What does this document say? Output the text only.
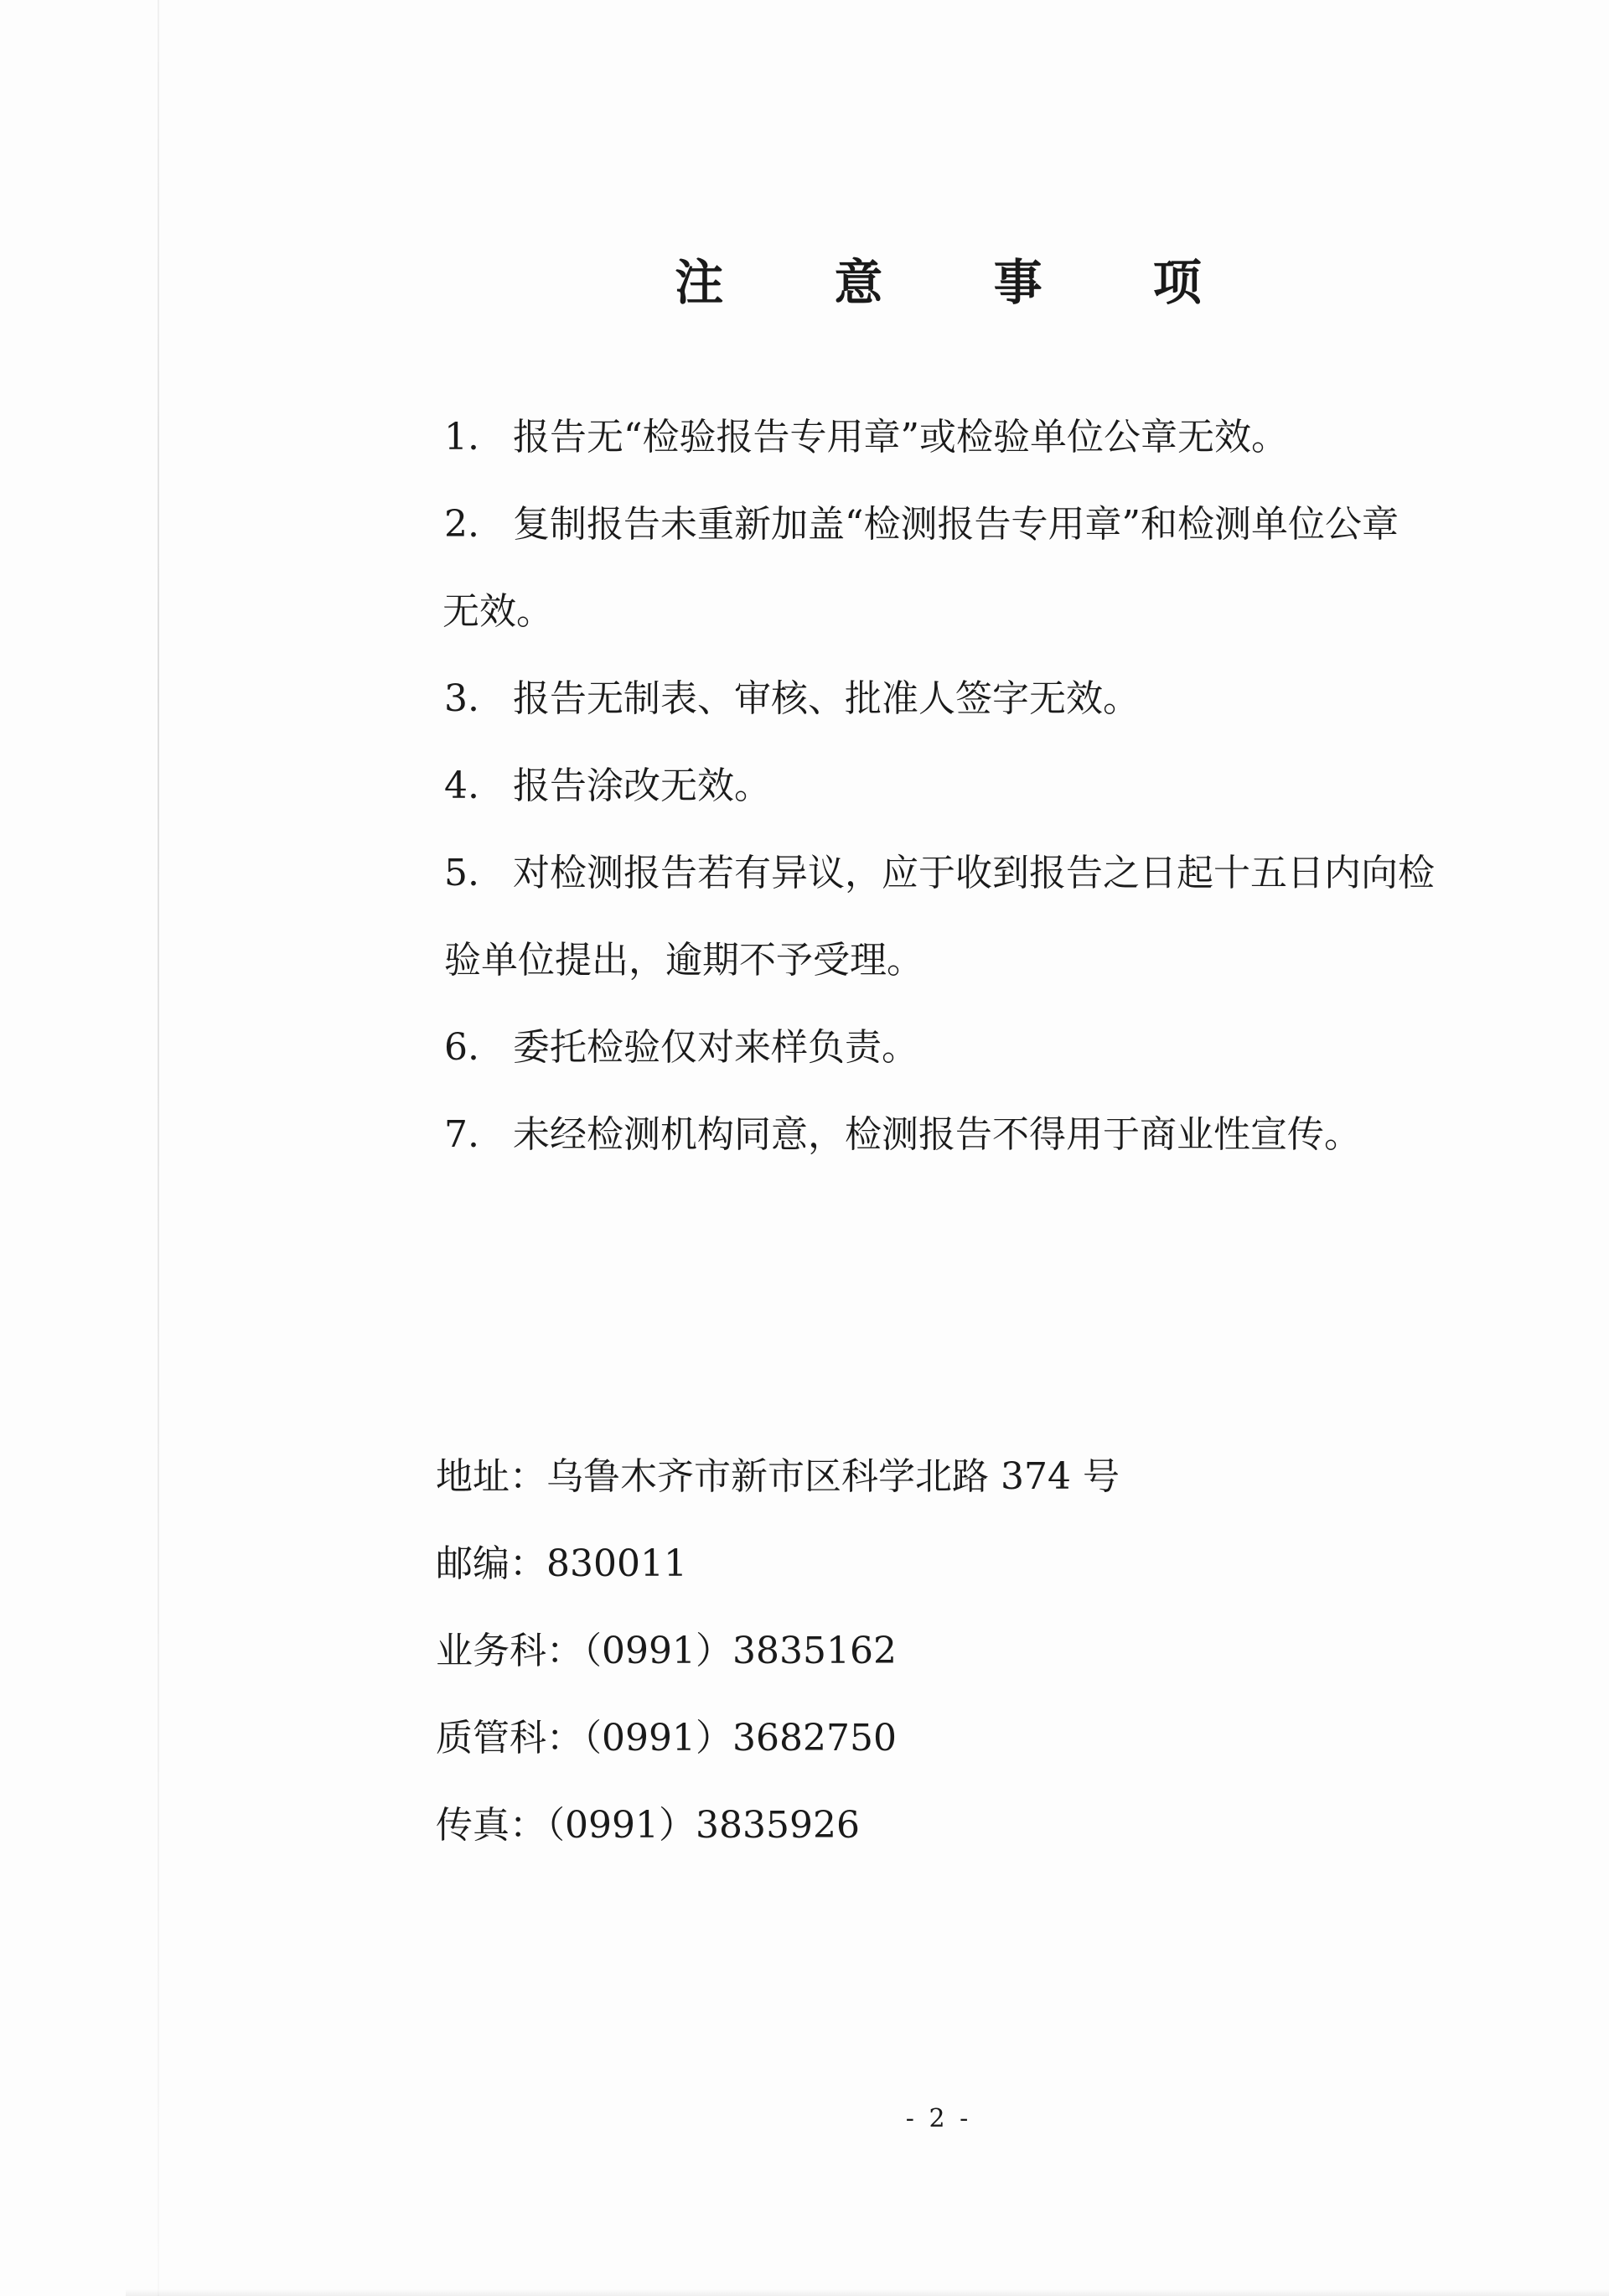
注 意 事 项
1. 报告无“检验报告专用章”或检验单位公章无效。
2. 复制报告未重新加盖“检测报告专用章”和检测单位公章
无效。
3. 报告无制表、审核、批准人签字无效。
4. 报告涂改无效。
5. 对检测报告若有异议，应于收到报告之日起十五日内向检
验单位提出，逾期不予受理。
6. 委托检验仅对来样负责。
7. 未经检测机构同意，检测报告不得用于商业性宣传。
地址：乌鲁木齐市新市区科学北路 374 号
邮编：830011
业务科：（0991）3835162
质管科：（0991）3682750
传真：（0991）3835926
- 2 -
